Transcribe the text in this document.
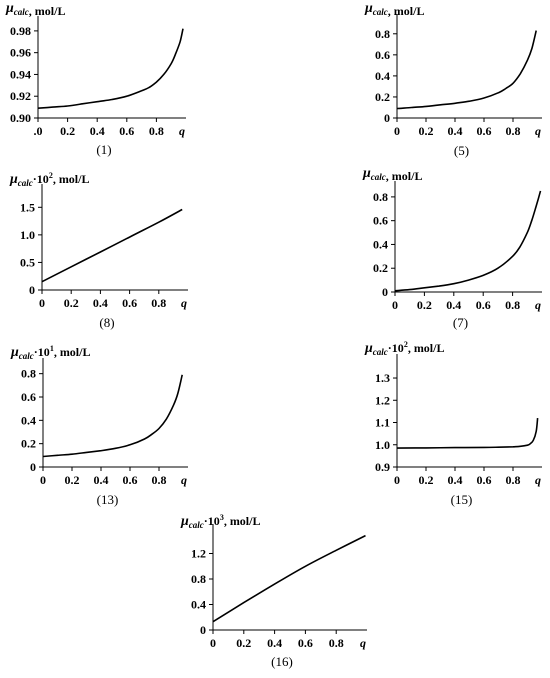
0.90
0.92
0.94
0.96
0.98
.0 0.2 0.4 0.6 0.8 q
$\mu_{calc}$, mol/L
(1)
0
0.2
0.4
0.6
0.8
0 0.2 0.4 0.6 0.8 q
$\mu_{calc}$, mol/L
(5)
0
0.5
1.0
1.5
0 0.2 0.4 0.6 0.8 q
$\mu_{calc}\cdot 10^2$, mol/L
(8)
0
0.2
0.4
0.6
0.8
0 0.2 0.4 0.6 0.8 q
$\mu_{calc}$, mol/L
(7)
0
0.2
0.4
0.6
0.8
0 0.2 0.4 0.6 0.8 q
$\mu_{calc}\cdot 10^1$, mol/L
(13)
0.9
1.0
1.1
1.2
1.3
0 0.2 0.4 0.6 0.8 q
$\mu_{calc}\cdot 10^2$, mol/L
(15)
0
0.4
0.8
1.2
0 0.2 0.4 0.6 0.8 q
$\mu_{calc}\cdot 10^3$, mol/L
(16)
